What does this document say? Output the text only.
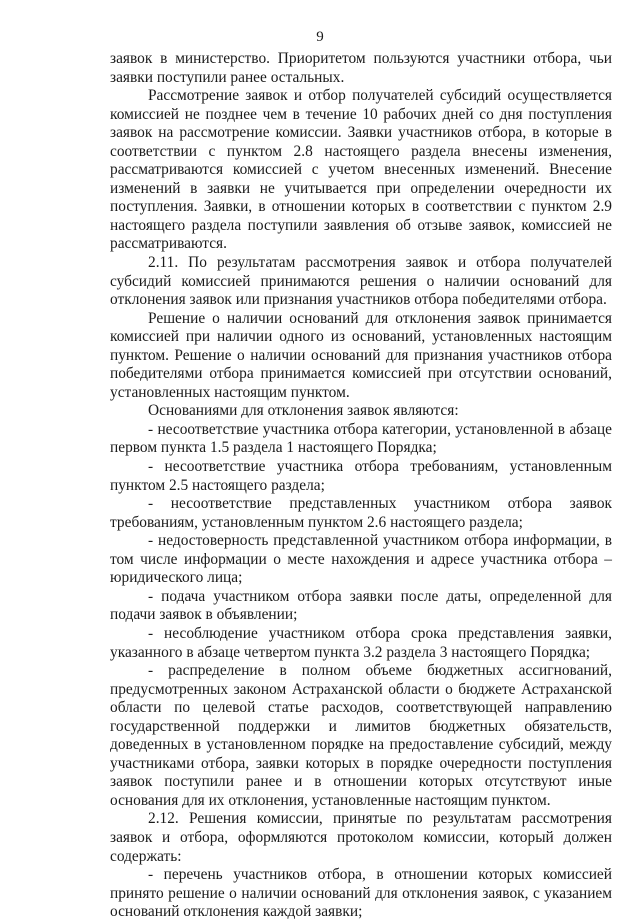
9

заявок в министерство. Приоритетом пользуются участники отбора, чьи заявки поступили ранее остальных.

Рассмотрение заявок и отбор получателей субсидий осуществляется комиссией не позднее чем в течение 10 рабочих дней со дня поступления заявок на рассмотрение комиссии. Заявки участников отбора, в которые в соответствии с пунктом 2.8 настоящего раздела внесены изменения, рассматриваются комиссией с учетом внесенных изменений. Внесение изменений в заявки не учитывается при определении очередности их поступления. Заявки, в отношении которых в соответствии с пунктом 2.9 настоящего раздела поступили заявления об отзыве заявок, комиссией не рассматриваются.

2.11. По результатам рассмотрения заявок и отбора получателей субсидий комиссией принимаются решения о наличии оснований для отклонения заявок или признания участников отбора победителями отбора.

Решение о наличии оснований для отклонения заявок принимается комиссией при наличии одного из оснований, установленных настоящим пунктом. Решение о наличии оснований для признания участников отбора победителями отбора принимается комиссией при отсутствии оснований, установленных настоящим пунктом.

Основаниями для отклонения заявок являются:

- несоответствие участника отбора категории, установленной в абзаце первом пункта 1.5 раздела 1 настоящего Порядка;

- несоответствие участника отбора требованиям, установленным пунктом 2.5 настоящего раздела;

- несоответствие представленных участником отбора заявок требованиям, установленным пунктом 2.6 настоящего раздела;

- недостоверность представленной участником отбора информации, в том числе информации о месте нахождения и адресе участника отбора – юридического лица;

- подача участником отбора заявки после даты, определенной для подачи заявок в объявлении;

- несоблюдение участником отбора срока представления заявки, указанного в абзаце четвертом пункта 3.2 раздела 3 настоящего Порядка;

- распределение в полном объеме бюджетных ассигнований, предусмотренных законом Астраханской области о бюджете Астраханской области по целевой статье расходов, соответствующей направлению государственной поддержки и лимитов бюджетных обязательств, доведенных в установленном порядке на предоставление субсидий, между участниками отбора, заявки которых в порядке очередности поступления заявок поступили ранее и в отношении которых отсутствуют иные основания для их отклонения, установленные настоящим пунктом.

2.12. Решения комиссии, принятые по результатам рассмотрения заявок и отбора, оформляются протоколом комиссии, который должен содержать:

- перечень участников отбора, в отношении которых комиссией принято решение о наличии оснований для отклонения заявок, с указанием оснований отклонения каждой заявки;
